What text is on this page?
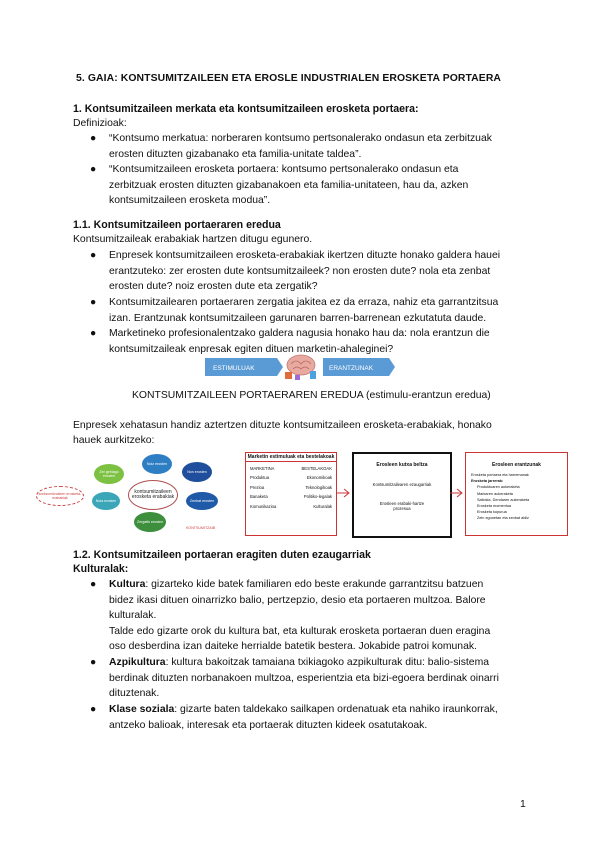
5. GAIA: KONTSUMITZAILEEN ETA EROSLE INDUSTRIALEN EROSKETA PORTAERA
1. Kontsumitzaileen merkata eta kontsumitzaileen erosketa portaera:
Definizioak:
● “Kontsumo merkatua: norberaren kontsumo pertsonalerako ondasun eta zerbitzuak
erosten dituzten gizabanako eta familia-unitate taldea”.
● “Kontsumitzaileen erosketa portaera: kontsumo pertsonalerako ondasun eta
zerbitzuak erosten dituzten gizabanakoen eta familia-unitateen, hau da, azken
kontsumitzaileen erosketa modua”.
1.1. Kontsumitzaileen portaeraren eredua
Kontsumitzaileak erabakiak hartzen ditugu egunero.
● Enpresek kontsumitzaileen erosketa-erabakiak ikertzen dituzte honako galdera hauei
erantzuteko: zer erosten dute kontsumitzaileek? non erosten dute? nola eta zenbat
erosten dute? noiz erosten dute eta zergatik?
● Kontsumitzailearen portaeraren zergatia jakitea ez da erraza, nahiz eta garrantzitsua
izan. Erantzunak kontsumitzaileen garunaren barren-barrenean ezkutatuta daude.
● Marketineko profesionalentzako galdera nagusia honako hau da: nola erantzun die
kontsumitzaileak enpresak egiten dituen marketin-ahaleginei?
ESTIMULUAK	ERANTZUNAK
KONTSUMITZAILEEN PORTAERAREN EREDUA (estimulu-erantzun eredua)
Enpresek xehatasun handiz aztertzen dituzte kontsumitzaileen erosketa-erabakiak, honako
hauek aurkitzeko:
Zer gehiago erosten
Noiz erosten
Non erosten
Nola erosten	Zenbat erosten
Zergatik erosten
kontsumitzaileen erosketa erabakiak
kontsumitzaileen erosketa-erabakiak
KONTSUMITZAIB
Marketin estimuluak eta bestelakoak
MARKETINA	BESTELAKOAK
Produktua	Ekonomikoak
Prezioa	Teknologikoak
Banaketa	Politiko-legalak
Komunikazioa	Kulturalak
Erosleen kutxa beltza
Kontsumitzailearen ezaugarriak
Erosleen erabaki-hartze prozesua
Erosleen erantzunak
Erosketa portaera eta harremanak
Erosketa jarrerak:
Produktuaren aukeraketa
Markaren aukeraketa
Saltokia, Dendaren aukeraketa
Erosketa momentua
Erosketa kopurua
Zein egunetan eta zenbat aldiz
1.2. Kontsumitzaileen portaeran eragiten duten ezaugarriak
Kulturalak:
● Kultura: gizarteko kide batek familiaren edo beste erakunde garrantzitsu batzuen
bidez ikasi dituen oinarrizko balio, pertzepzio, desio eta portaeren multzoa. Balore
kulturalak.
Talde edo gizarte orok du kultura bat, eta kulturak erosketa portaeran duen eragina
oso desberdina izan daiteke herrialde batetik bestera. Jokabide patroi komunak.
● Azpikultura: kultura bakoitzak tamaiana txikiagoko azpikulturak ditu: balio-sistema
berdinak dituzten norbanakoen multzoa, esperientzia eta bizi-egoera berdinak oinarri
dituztenak.
● Klase soziala: gizarte baten taldekako sailkapen ordenatuak eta nahiko iraunkorrak,
antzeko balioak, interesak eta portaerak dituzten kideek osatutakoak.
1
